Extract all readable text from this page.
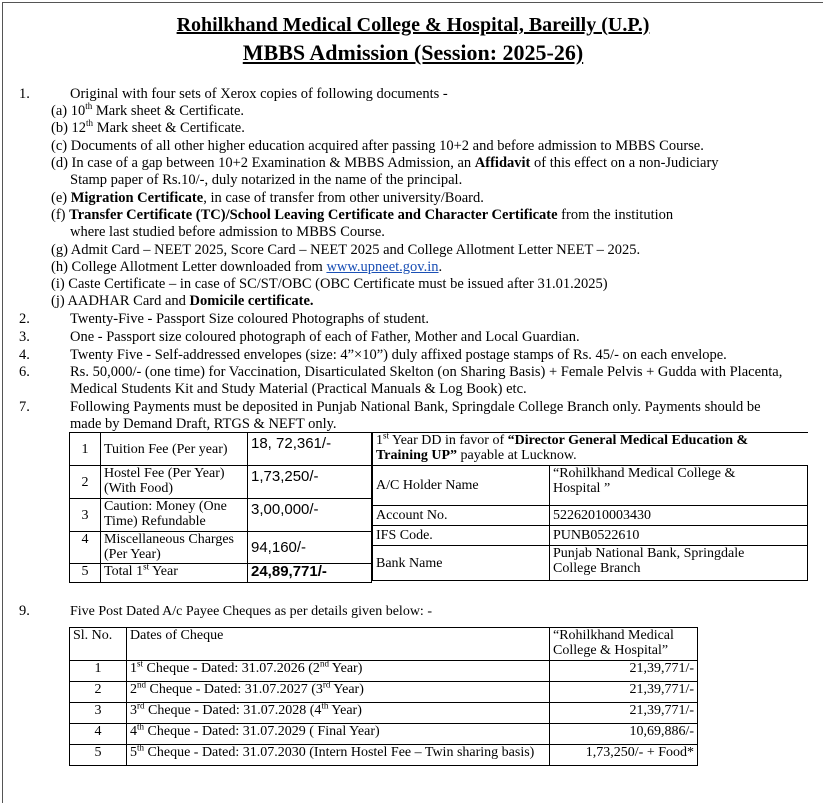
Rohilkhand Medical College & Hospital, Bareilly (U.P.)
MBBS Admission (Session: 2025-26)
1.	Original with four sets of Xerox copies of following documents -
(a) 10th Mark sheet & Certificate.
(b) 12th Mark sheet & Certificate.
(c) Documents of all other higher education acquired after passing 10+2 and before admission to MBBS Course.
(d) In case of a gap between 10+2 Examination & MBBS Admission, an Affidavit of this effect on a non-Judiciary
Stamp paper of Rs.10/-, duly notarized in the name of the principal.
(e) Migration Certificate, in case of transfer from other university/Board.
(f) Transfer Certificate (TC)/School Leaving Certificate and Character Certificate from the institution
where last studied before admission to MBBS Course.
(g) Admit Card – NEET 2025, Score Card – NEET 2025 and College Allotment Letter NEET – 2025.
(h) College Allotment Letter downloaded from www.upneet.gov.in.
(i) Caste Certificate – in case of SC/ST/OBC (OBC Certificate must be issued after 31.01.2025)
(j) AADHAR Card and Domicile certificate.
2.	Twenty-Five - Passport Size coloured Photographs of student.
3.	One - Passport size coloured photograph of each of Father, Mother and Local Guardian.
4.	Twenty Five - Self-addressed envelopes (size: 4”×10”) duly affixed postage stamps of Rs. 45/- on each envelope.
6.	Rs. 50,000/- (one time) for Vaccination, Disarticulated Skelton (on Sharing Basis) + Female Pelvis + Gudda with Placenta,
Medical Students Kit and Study Material (Practical Manuals & Log Book) etc.
7.	Following Payments must be deposited in Punjab National Bank, Springdale College Branch only. Payments should be
made by Demand Draft, RTGS & NEFT only.
1	Tuition Fee (Per year)	18, 72,361/-
2	Hostel Fee (Per Year) (With Food)	1,73,250/-
3	Caution: Money (One Time) Refundable	3,00,000/-
4	Miscellaneous Charges (Per Year)	94,160/-
5	Total 1st Year	24,89,771/-
1st Year DD in favor of “Director General Medical Education & Training UP” payable at Lucknow.	
A/C Holder Name	“Rohilkhand Medical College & Hospital ”
Account No.	52262010003430
IFS Code.	PUNB0522610
Bank Name	Punjab National Bank, Springdale College Branch
9.	Five Post Dated A/c Payee Cheques as per details given below: -
Sl. No.	Dates of Cheque	“Rohilkhand Medical College & Hospital”
1	1st Cheque - Dated: 31.07.2026 (2nd Year)	21,39,771/-
2	2nd Cheque - Dated: 31.07.2027 (3rd Year)	21,39,771/-
3	3rd Cheque - Dated: 31.07.2028 (4th Year)	21,39,771/-
4	4th Cheque - Dated: 31.07.2029 ( Final Year)	10,69,886/-
5	5th Cheque - Dated: 31.07.2030 (Intern Hostel Fee – Twin sharing basis)	1,73,250/- + Food*
